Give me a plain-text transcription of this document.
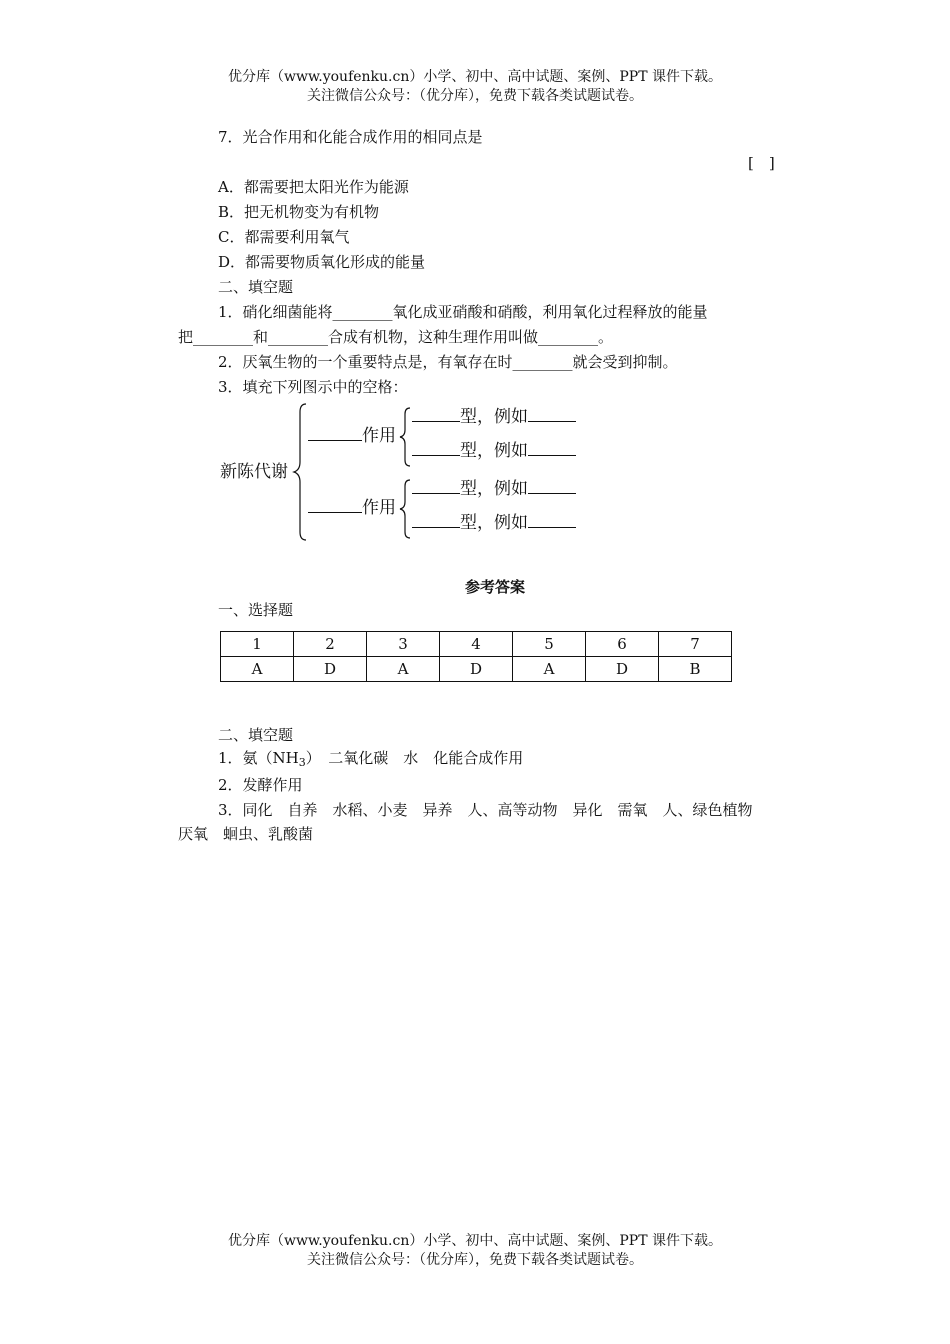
优分库（www.youfenku.cn）小学、初中、高中试题、案例、PPT 课件下载。
关注微信公众号：（优分库），免费下载各类试题试卷。
7．光合作用和化能合成作用的相同点是
[　]
A．都需要把太阳光作为能源
B．把无机物变为有机物
C．都需要利用氧气
D．都需要物质氧化形成的能量
二、填空题
1．硝化细菌能将________氧化成亚硝酸和硝酸，利用氧化过程释放的能量
把________和________合成有机物，这种生理作用叫做________。
2．厌氧生物的一个重要特点是，有氧存在时________就会受到抑制。
3．填充下列图示中的空格：
新陈代谢
作用
作用
型，例如
型，例如
型，例如
型，例如
参考答案
一、选择题
1	2	3	4	5	6	7
A	D	A	D	A	D	B
二、填空题
1．氨$(NH_3)$　二氧化碳　水　化能合成作用
2．发酵作用
3．同化　自养　水稻、小麦　异养　人、高等动物　异化　需氧　人、绿色植物
厌氧　蛔虫、乳酸菌
优分库（www.youfenku.cn）小学、初中、高中试题、案例、PPT 课件下载。
关注微信公众号：（优分库），免费下载各类试题试卷。
